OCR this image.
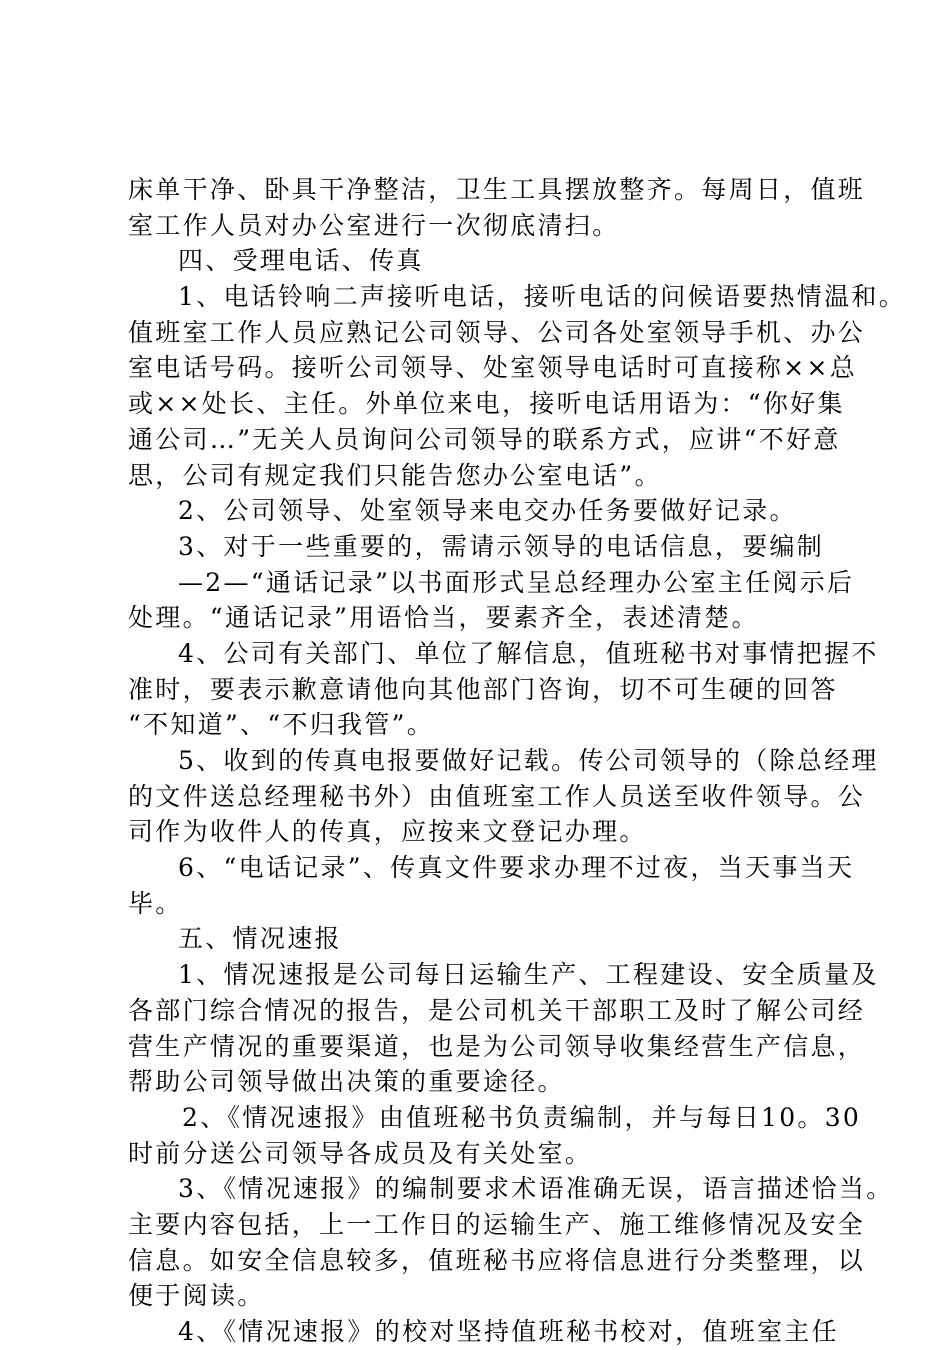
床单干净、卧具干净整洁，卫生工具摆放整齐。每周日，值班
室工作人员对办公室进行一次彻底清扫。
四、受理电话、传真
1、电话铃响二声接听电话，接听电话的问候语要热情温和。
值班室工作人员应熟记公司领导、公司各处室领导手机、办公
室电话号码。接听公司领导、处室领导电话时可直接称××总
或××处长、主任。外单位来电，接听电话用语为：“你好集
通公司…”无关人员询问公司领导的联系方式，应讲“不好意
思，公司有规定我们只能告您办公室电话”。
2、公司领导、处室领导来电交办任务要做好记录。
3、对于一些重要的，需请示领导的电话信息，要编制
—2—“通话记录”以书面形式呈总经理办公室主任阅示后
处理。“通话记录”用语恰当，要素齐全，表述清楚。
4、公司有关部门、单位了解信息，值班秘书对事情把握不
准时，要表示歉意请他向其他部门咨询，切不可生硬的回答
“不知道”、“不归我管”。
5、收到的传真电报要做好记载。传公司领导的（除总经理
的文件送总经理秘书外）由值班室工作人员送至收件领导。公
司作为收件人的传真，应按来文登记办理。
6、“电话记录”、传真文件要求办理不过夜，当天事当天
毕。
五、情况速报
1、情况速报是公司每日运输生产、工程建设、安全质量及
各部门综合情况的报告，是公司机关干部职工及时了解公司经
营生产情况的重要渠道，也是为公司领导收集经营生产信息，
帮助公司领导做出决策的重要途径。
2、《情况速报》由值班秘书负责编制，并与每日10。30
时前分送公司领导各成员及有关处室。
3、《情况速报》的编制要求术语准确无误，语言描述恰当。
主要内容包括，上一工作日的运输生产、施工维修情况及安全
信息。如安全信息较多，值班秘书应将信息进行分类整理，以
便于阅读。
4、《情况速报》的校对坚持值班秘书校对，值班室主任
